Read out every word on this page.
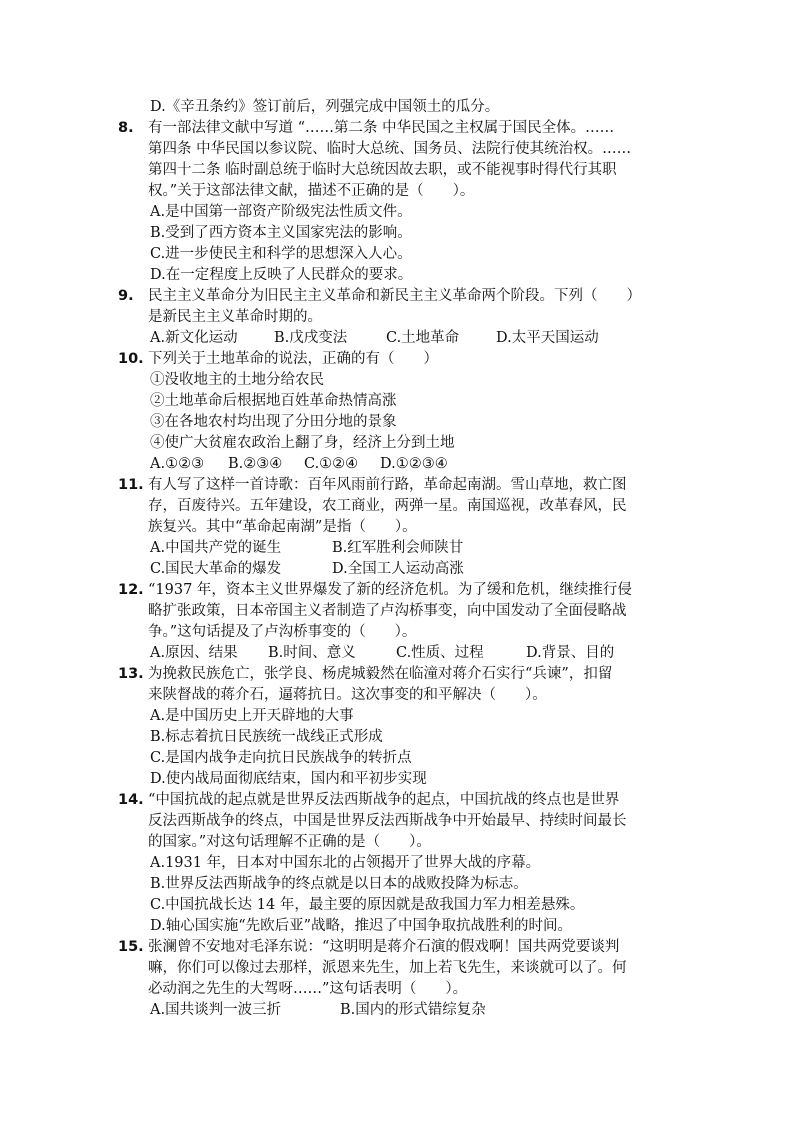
D.《辛丑条约》签订前后，列强完成中国领土的瓜分。
8. 有一部法律文献中写道 “……第二条 中华民国之主权属于国民全体。……
第四条 中华民国以参议院、临时大总统、国务员、法院行使其统治权。……
第四十二条 临时副总统于临时大总统因故去职，或不能视事时得代行其职
权。”关于这部法律文献，描述不正确的是（　　）。
A.是中国第一部资产阶级宪法性质文件。
B.受到了西方资本主义国家宪法的影响。
C.进一步使民主和科学的思想深入人心。
D.在一定程度上反映了人民群众的要求。
9. 民主主义革命分为旧民主主义革命和新民主主义革命两个阶段。下列（　　）
是新民主主义革命时期的。
A.新文化运动	B.戊戌变法	C.土地革命	D.太平天国运动
10. 下列关于土地革命的说法，正确的有（　　）
①没收地主的土地分给农民
②土地革命后根据地百姓革命热情高涨
③在各地农村均出现了分田分地的景象
④使广大贫雇农政治上翻了身，经济上分到土地
A.①②③ B.②③④ C.①②④ D.①②③④
11. 有人写了这样一首诗歌：百年风雨前行路，革命起南湖。雪山草地，救亡图
存，百废待兴。五年建设，农工商业，两弹一星。南国巡视，改革春风，民
族复兴。其中“革命起南湖”是指（　　）。
A.中国共产党的诞生	B.红军胜利会师陕甘
C.国民大革命的爆发	D.全国工人运动高涨
12. “1937 年，资本主义世界爆发了新的经济危机。为了缓和危机，继续推行侵
略扩张政策，日本帝国主义者制造了卢沟桥事变，向中国发动了全面侵略战
争。”这句话提及了卢沟桥事变的（　　）。
A.原因、结果 B.时间、意义	C.性质、过程	D.背景、目的
13. 为挽救民族危亡，张学良、杨虎城毅然在临潼对蒋介石实行“兵谏”，扣留
来陕督战的蒋介石，逼蒋抗日。这次事变的和平解决（　　）。
A.是中国历史上开天辟地的大事
B.标志着抗日民族统一战线正式形成
C.是国内战争走向抗日民族战争的转折点
D.使内战局面彻底结束，国内和平初步实现
14. “中国抗战的起点就是世界反法西斯战争的起点，中国抗战的终点也是世界
反法西斯战争的终点，中国是世界反法西斯战争中开始最早、持续时间最长
的国家。”对这句话理解不正确的是（　　）。
A.1931 年，日本对中国东北的占领揭开了世界大战的序幕。
B.世界反法西斯战争的终点就是以日本的战败投降为标志。
C.中国抗战长达 14 年，最主要的原因就是敌我国力军力相差悬殊。
D.轴心国实施“先欧后亚”战略，推迟了中国争取抗战胜利的时间。
15. 张澜曾不安地对毛泽东说：“这明明是蒋介石演的假戏啊！国共两党要谈判
嘛，你们可以像过去那样，派恩来先生，加上若飞先生，来谈就可以了。何
必动润之先生的大驾呀……”这句话表明（　　）。
A.国共谈判一波三折	B.国内的形式错综复杂
